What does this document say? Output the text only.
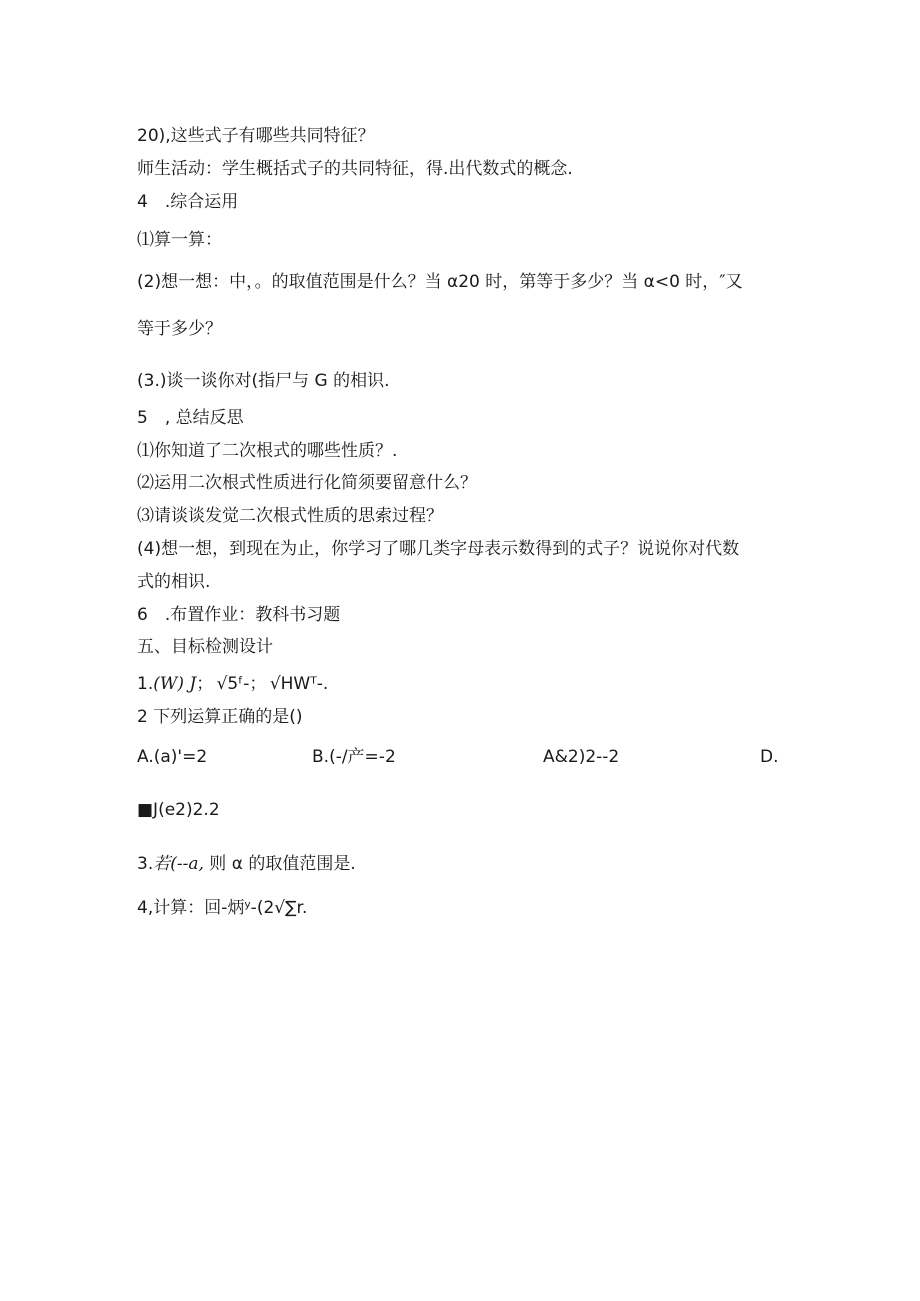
20),这些式子有哪些共同特征？
师生活动：学生概括式子的共同特征，得.出代数式的概念.
4　.综合运用
⑴算一算：
(2)想一想：中，。的取值范围是什么？当 α20 时，第等于多少？当 α<0 时，″又
等于多少？
(3.)谈一谈你对(指尸与 G 的相识.
5　, 总结反思
⑴你知道了二次根式的哪些性质？.
⑵运用二次根式性质进行化简须要留意什么？
⑶请谈谈发觉二次根式性质的思索过程？
(4)想一想，到现在为止，你学习了哪几类字母表示数得到的式子？说说你对代数
式的相识.
6　.布置作业：教科书习题
五、目标检测设计
1.(W) J； √5ᶠ-； √HWᵀ-.
2 下列运算正确的是()
A.(a)'=2	B.(-/产=-2	A&2)2--2	D.
■J(e2)2.2
3.若(--a, 则 α 的取值范围是.
4,计算：回-炳ʸ-(2√∑r.
